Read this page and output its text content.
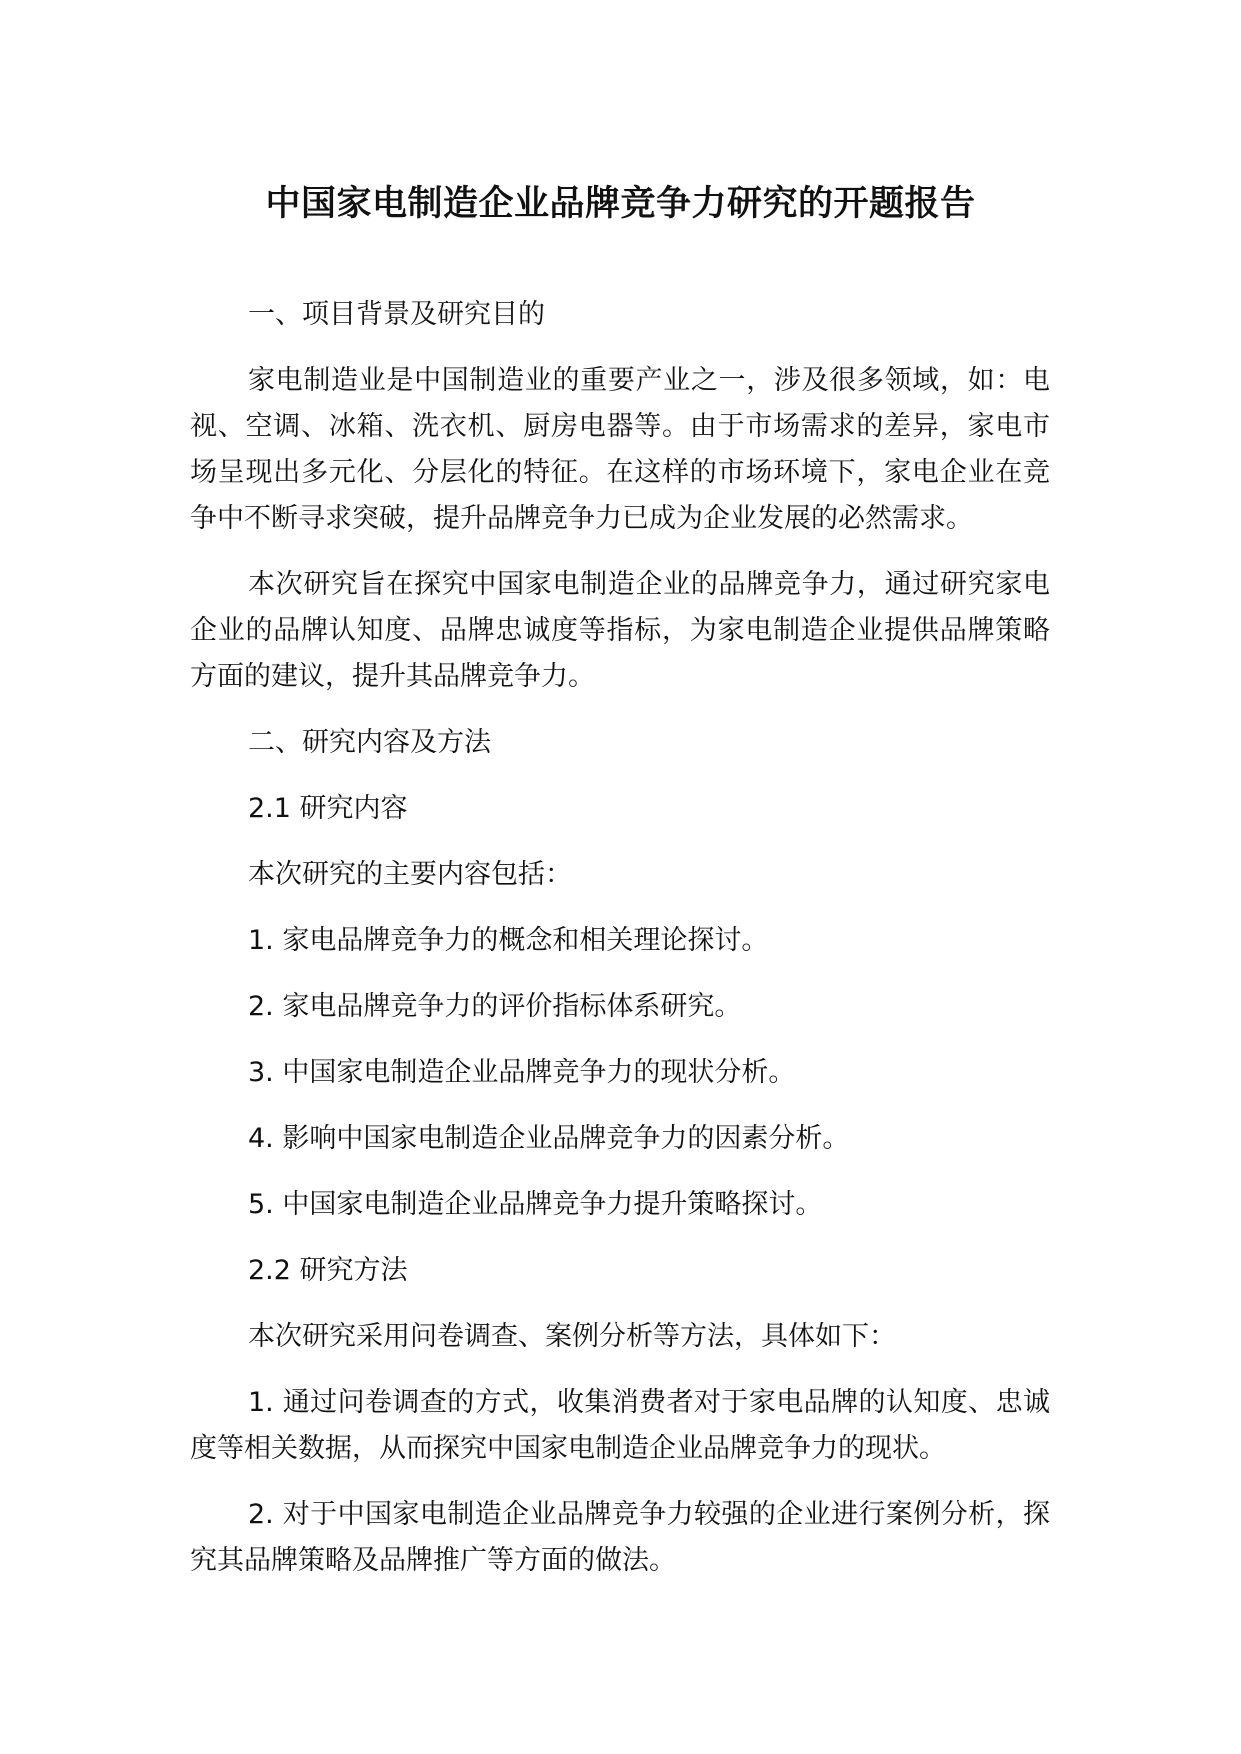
中国家电制造企业品牌竞争力研究的开题报告

一、项目背景及研究目的

家电制造业是中国制造业的重要产业之一，涉及很多领域，如：电视、空调、冰箱、洗衣机、厨房电器等。由于市场需求的差异，家电市场呈现出多元化、分层化的特征。在这样的市场环境下，家电企业在竞争中不断寻求突破，提升品牌竞争力已成为企业发展的必然需求。

本次研究旨在探究中国家电制造企业的品牌竞争力，通过研究家电企业的品牌认知度、品牌忠诚度等指标，为家电制造企业提供品牌策略方面的建议，提升其品牌竞争力。

二、研究内容及方法

2.1 研究内容

本次研究的主要内容包括：

1. 家电品牌竞争力的概念和相关理论探讨。

2. 家电品牌竞争力的评价指标体系研究。

3. 中国家电制造企业品牌竞争力的现状分析。

4. 影响中国家电制造企业品牌竞争力的因素分析。

5. 中国家电制造企业品牌竞争力提升策略探讨。

2.2 研究方法

本次研究采用问卷调查、案例分析等方法，具体如下：

1. 通过问卷调查的方式，收集消费者对于家电品牌的认知度、忠诚度等相关数据，从而探究中国家电制造企业品牌竞争力的现状。

2. 对于中国家电制造企业品牌竞争力较强的企业进行案例分析，探究其品牌策略及品牌推广等方面的做法。
